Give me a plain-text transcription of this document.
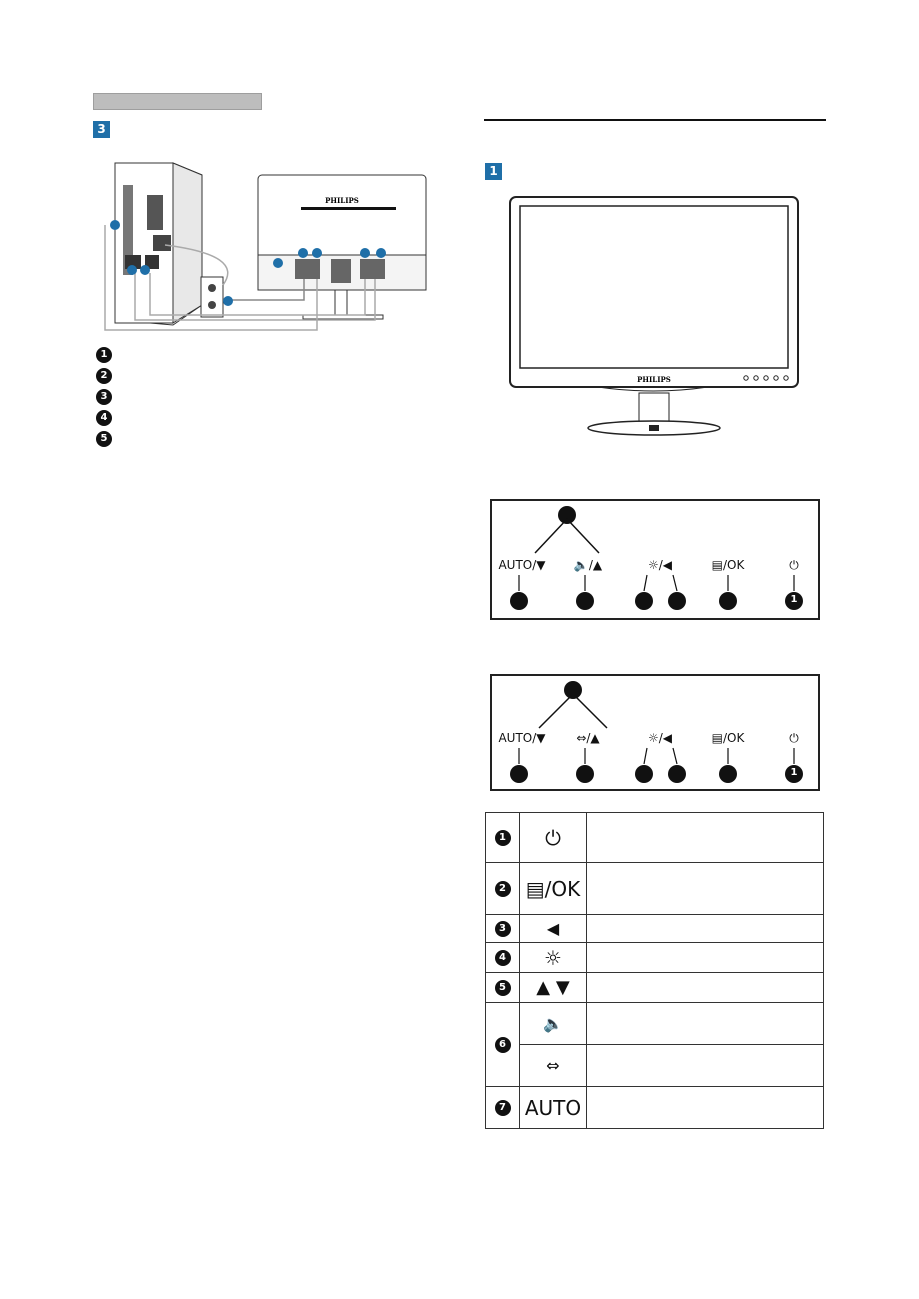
3
PHILIPS
1
2
3
4
5
1
PHILIPS
AUTO/▼	🔈/▲	☼/◀	▤/OK	⏻
1
AUTO/▼	⇔/▲	☼/◀	▤/OK	⏻
1
1	⏻	

2	▤/OK	

3	◀	

4	☼	

5	▲ ▼	

6	🔈	
	⇔	

7	AUTO	
